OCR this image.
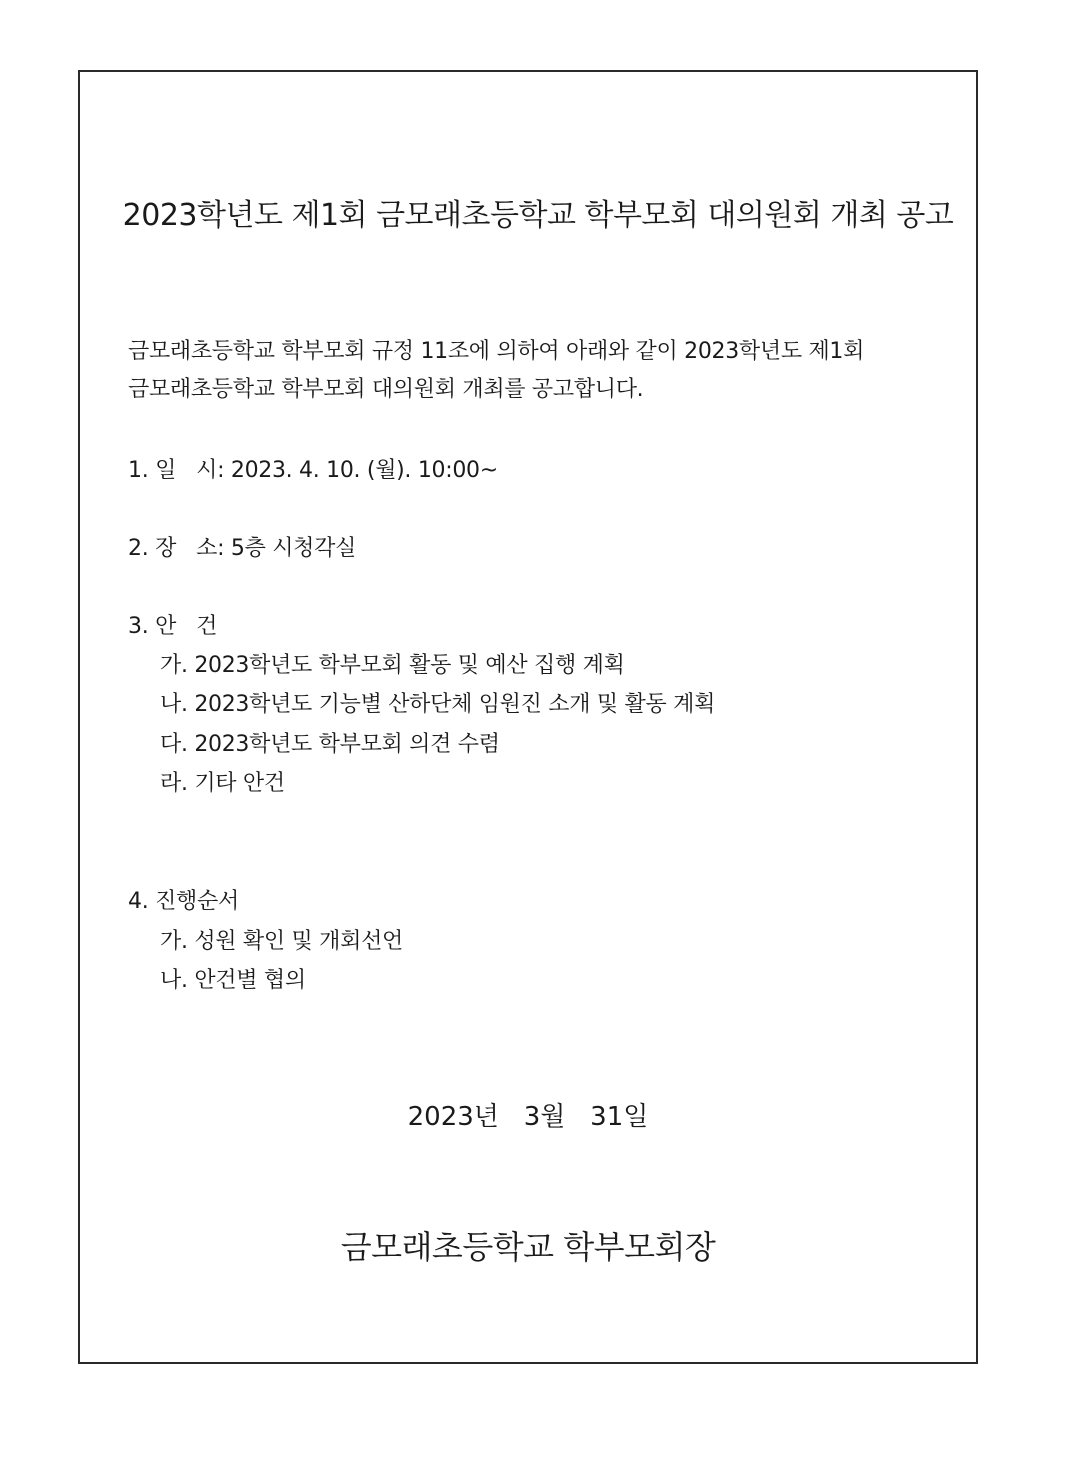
2023학년도 제1회 금모래초등학교 학부모회 대의원회 개최 공고
금모래초등학교 학부모회 규정 11조에 의하여 아래와 같이 2023학년도 제1회
금모래초등학교 학부모회 대의원회 개최를 공고합니다.
1. 일   시: 2023. 4. 10. (월). 10:00~
2. 장   소: 5층 시청각실
3. 안   건
가. 2023학년도 학부모회 활동 및 예산 집행 계획
나. 2023학년도 기능별 산하단체 임원진 소개 및 활동 계획
다. 2023학년도 학부모회 의견 수렴
라. 기타 안건
4. 진행순서
가. 성원 확인 및 개회선언
나. 안건별 협의
2023년   3월   31일
금모래초등학교 학부모회장
